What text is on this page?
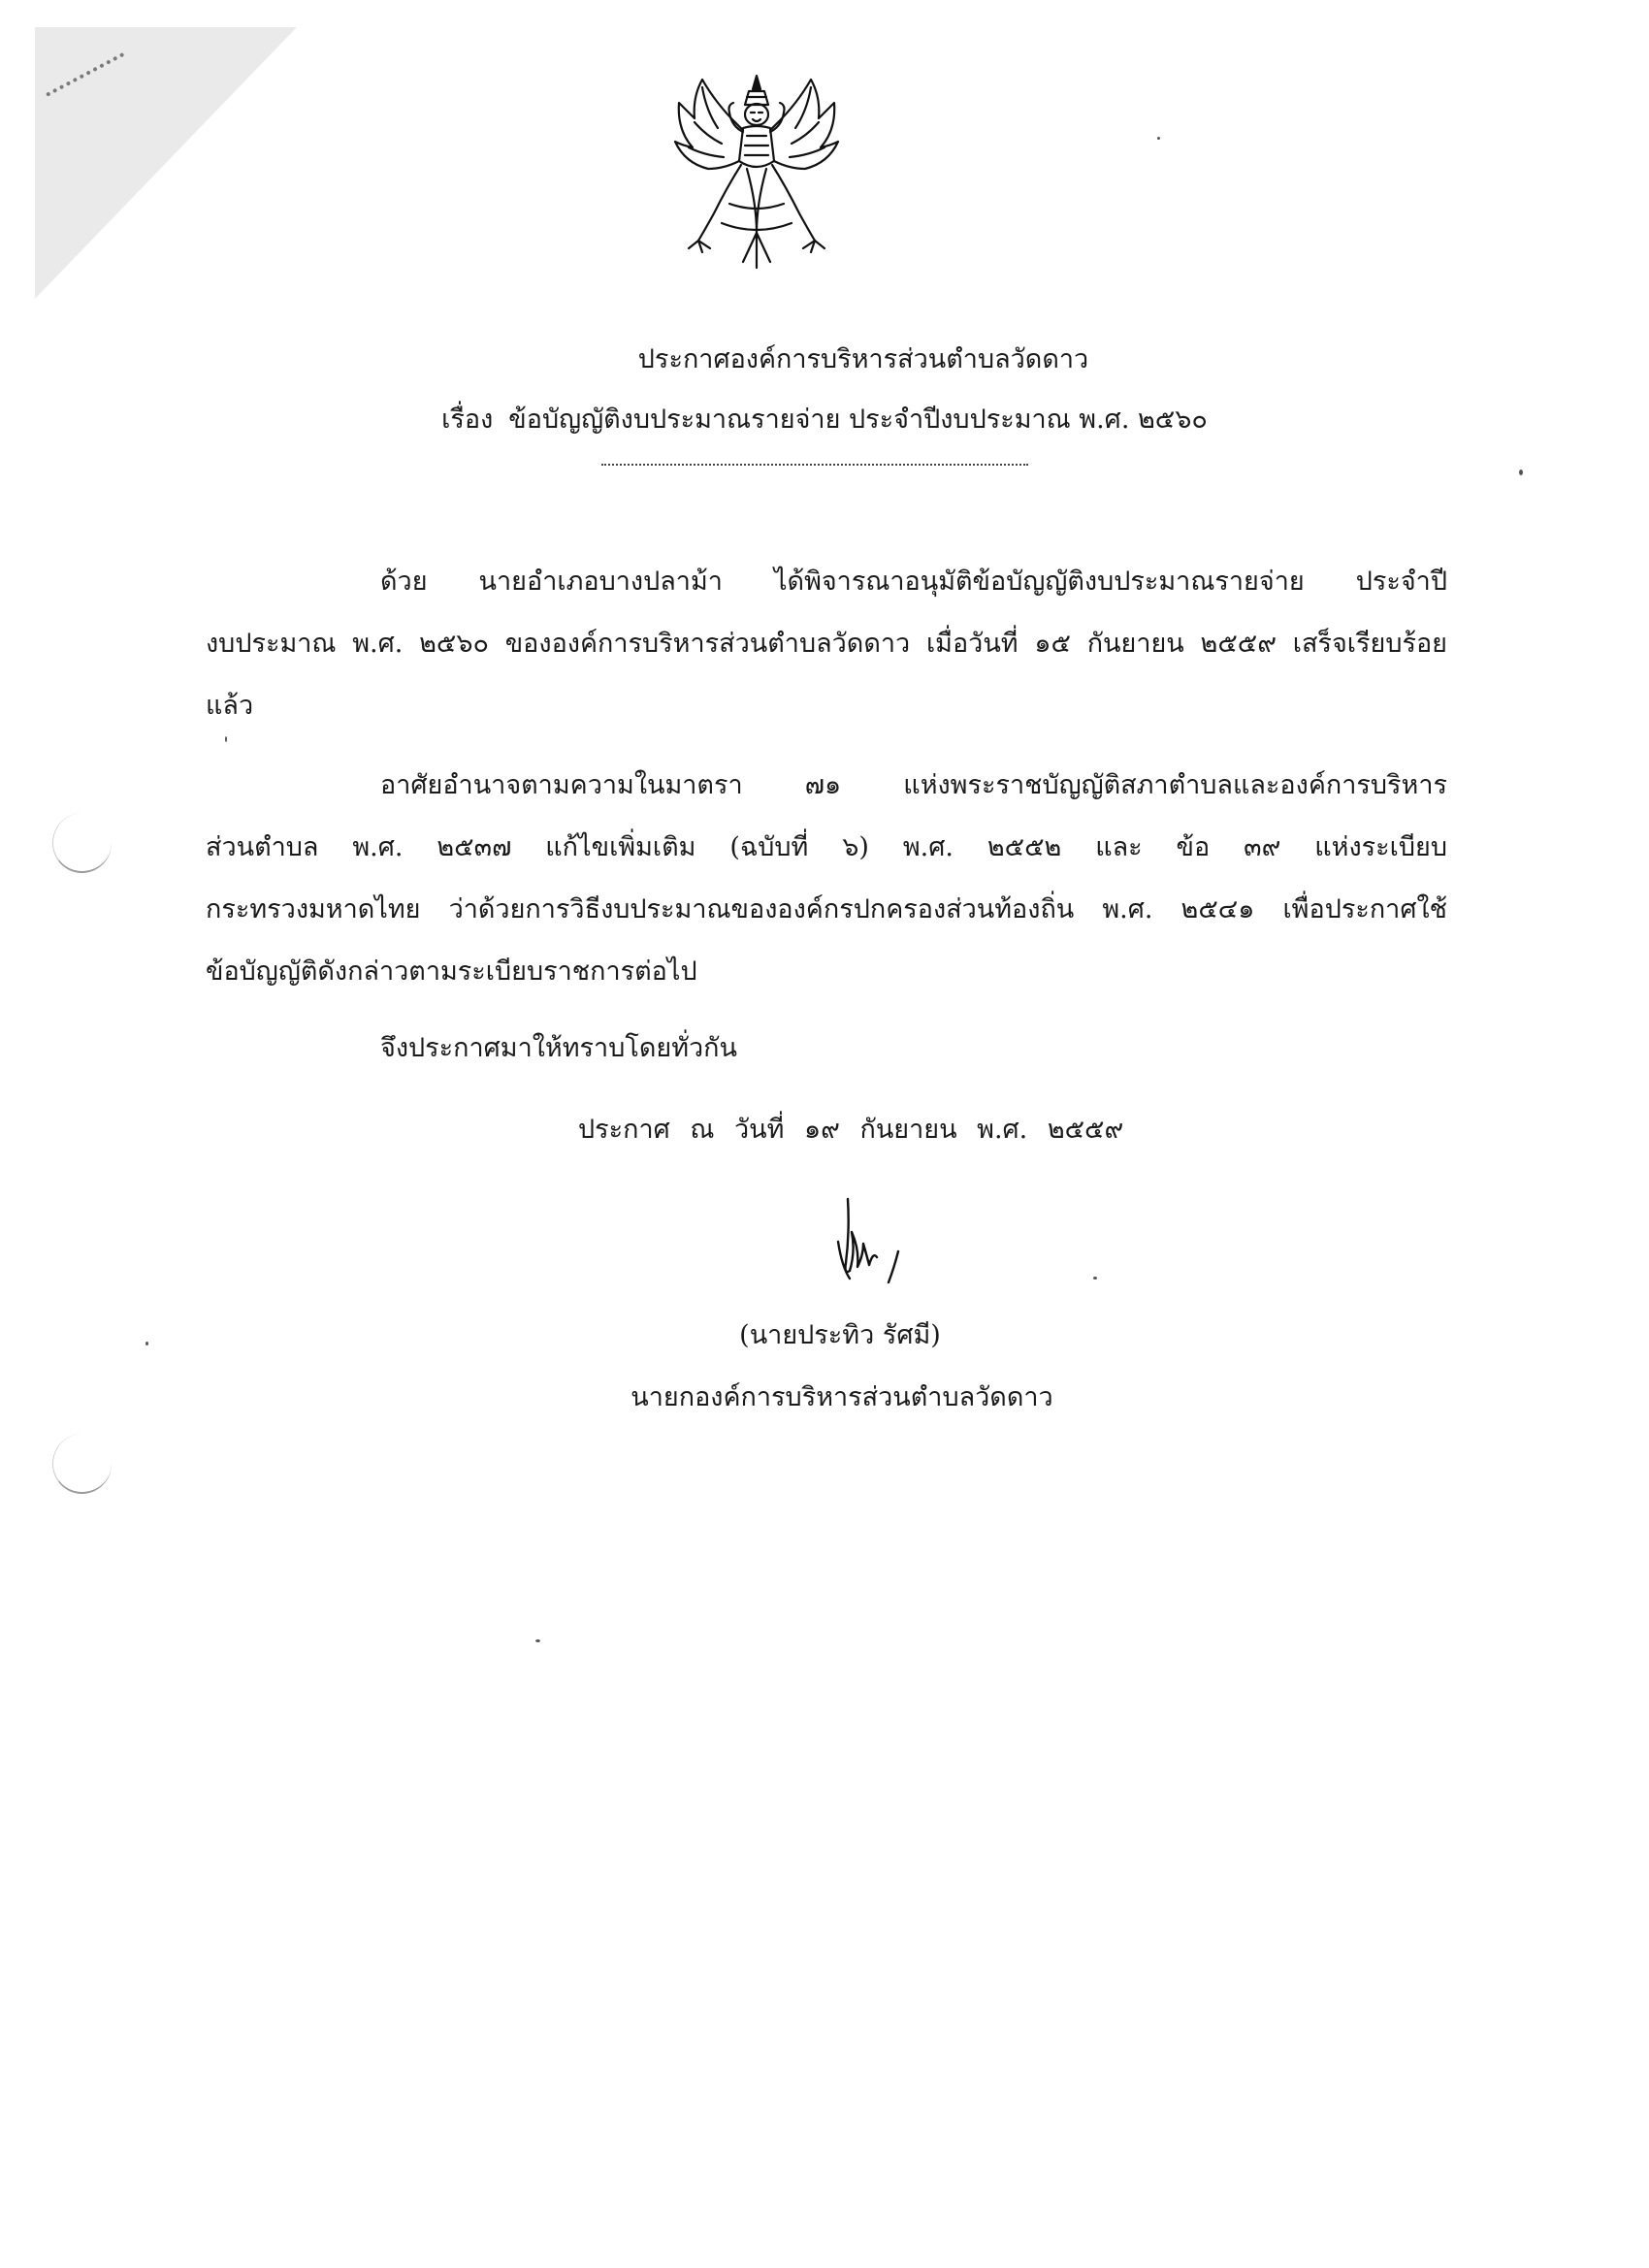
ประกาศองค์การบริหารส่วนตำบลวัดดาว
เรื่อง ข้อบัญญัติงบประมาณรายจ่าย ประจำปีงบประมาณ พ.ศ. ๒๕๖๐
ด้วย นายอำเภอบางปลาม้า ได้พิจารณาอนุมัติข้อบัญญัติงบประมาณรายจ่าย ประจำปี
งบประมาณ พ.ศ. ๒๕๖๐ ขององค์การบริหารส่วนตำบลวัดดาว เมื่อวันที่ ๑๕ กันยายน ๒๕๕๙ เสร็จเรียบร้อย
แล้ว
อาศัยอำนาจตามความในมาตรา ๗๑ แห่งพระราชบัญญัติสภาตำบลและองค์การบริหาร
ส่วนตำบล พ.ศ. ๒๕๓๗ แก้ไขเพิ่มเติม (ฉบับที่ ๖) พ.ศ. ๒๕๕๒ และ ข้อ ๓๙ แห่งระเบียบ
กระทรวงมหาดไทย ว่าด้วยการวิธีงบประมาณขององค์กรปกครองส่วนท้องถิ่น พ.ศ. ๒๕๔๑ เพื่อประกาศใช้
ข้อบัญญัติดังกล่าวตามระเบียบราชการต่อไป
จึงประกาศมาให้ทราบโดยทั่วกัน
ประกาศ ณ วันที่ ๑๙ กันยายน พ.ศ. ๒๕๕๙
(นายประทิว รัศมี)
นายกองค์การบริหารส่วนตำบลวัดดาว
